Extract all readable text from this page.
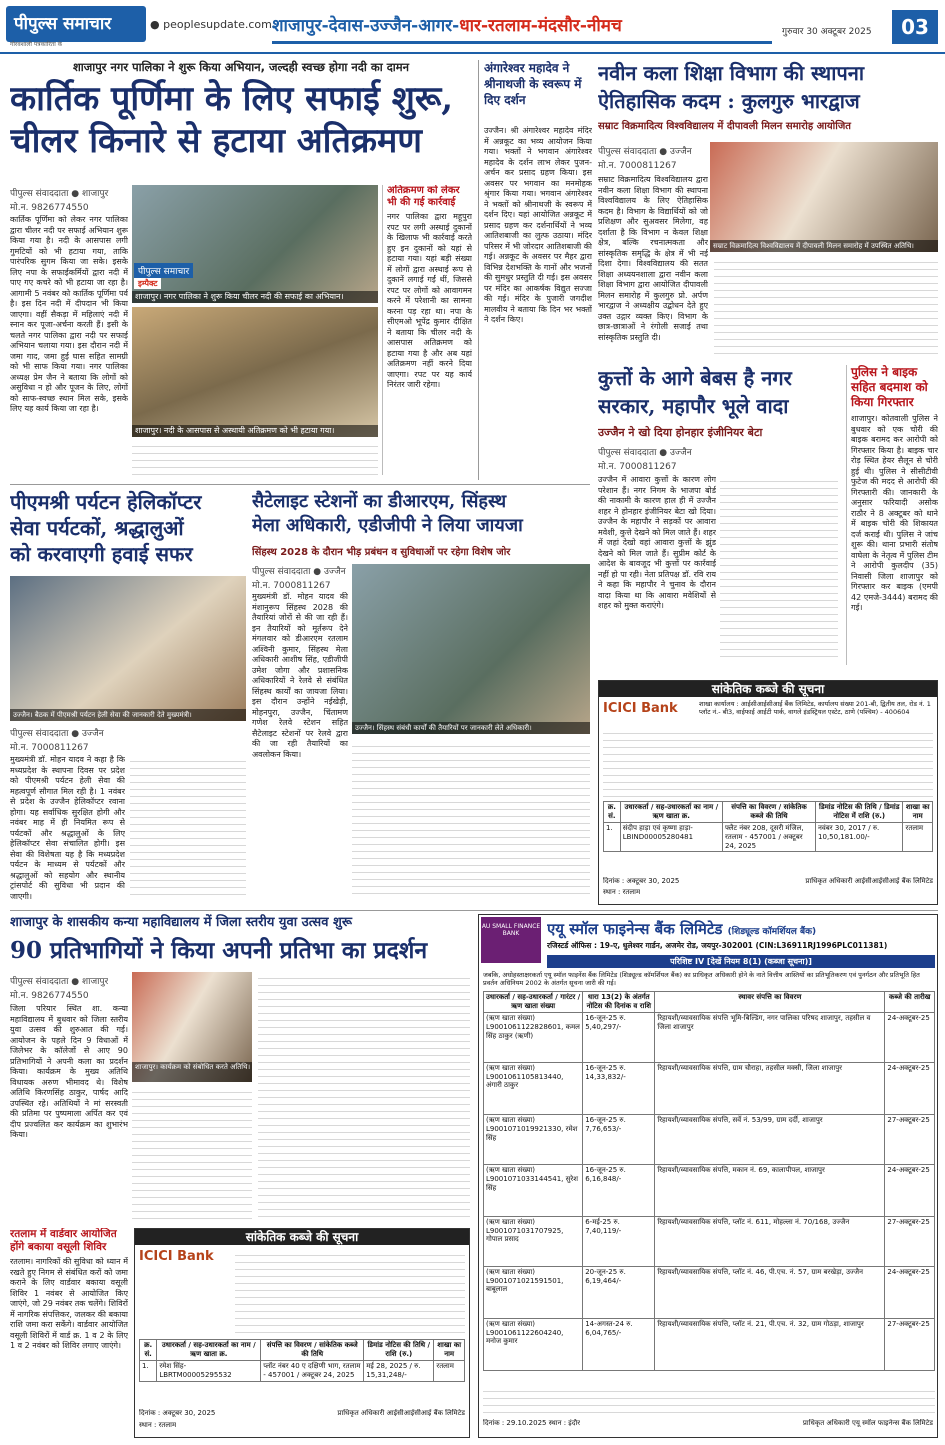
पीपुल्स समाचार
गौरवशाली पत्रकारिता के
● peoplesupdate.com शाजापुर-देवास-उज्जैन-आगर-धार-रतलाम-मंदसौर-नीमच	गुरुवार 30 अक्टूबर 2025	03
शाजापुर नगर पालिका ने शुरू किया अभियान, जल्दही स्वच्छ होगा नदी का दामन
कार्तिक पूर्णिमा के लिए सफाई शुरू,
चीलर किनारे से हटाया अतिक्रमण
पीपुल्स संवाददाता ● शाजापुर
मो.न. 9826774550
कार्तिक पूर्णिमा को लेकर नगर पालिका द्वारा चीलर नदी पर सफाई अभियान शुरू किया गया है। नदी के आसपास लगी गुमटियों को भी हटाया गया, ताकि पारंपरिक सुगम किया जा सके। इसके लिए नपा के सफाईकर्मियों द्वारा नदी में पाए गए कचरे को भी हटाया जा रहा है। आगामी 5 नवंबर को कार्तिक पूर्णिमा पर्व है। इस दिन नदी में दीपदान भी किया जाएगा। वहीं सैकड़ा में महिलाएं नदी में स्नान कर पूजा-अर्चना करती हैं। इसी के चलते नगर पालिका द्वारा नदी पर सफाई अभियान चलाया गया। इस दौरान नदी में जमा गाद, जमा हुई घास सहित सामग्री को भी साफ किया गया। नगर पालिका अध्यक्ष प्रेम जैन ने बताया कि लोगों को असुविधा न हो और पूजन के लिए, लोगों को साफ-स्वच्छ स्थान मिल सके, इसके लिए यह कार्य किया जा रहा है।
पीपुल्स समाचार
इम्पैक्ट
शाजापुर। नगर पालिका ने शुरू किया चीलर नदी की सफाई का अभियान।
शाजापुर। नदी के आसपास से अस्थायी अतिक्रमण को भी हटाया गया।
अतिक्रमण को लेकर भी की गई कार्रवाई
नगर पालिका द्वारा महूपुरा रपट पर लगी अस्थाई दुकानों के खिलाफ भी कार्रवाई करते हुए इन दुकानों को यहां से हटाया गया। यहां बड़ी संख्या में लोगों द्वारा अस्थाई रूप से दुकानें लगाई गईं थीं, जिससे रपट पर लोगों को आवागमन करने में परेशानी का सामना करना पड़ रहा था। नपा के सीएमओ भूपेंद्र कुमार दीक्षित ने बताया कि चीलर नदी के आसपास अतिक्रमण को हटाया गया है और अब यहां अतिक्रमण नहीं करने दिया जाएगा। रपट पर यह कार्य निरंतर जारी रहेगा।
अंगारेश्वर महादेव ने श्रीनाथजी के स्वरूप में दिए दर्शन
उज्जैन। श्री अंगारेश्वर महादेव मंदिर में अन्नकूट का भव्य आयोजन किया गया। भक्तों ने भगवान अंगारेश्वर महादेव के दर्शन लाभ लेकर पुजन-अर्चन कर प्रसाद ग्रहण किया। इस अवसर पर भगवान का मनमोहक श्रृंगार किया गया। भगवान अंगारेश्वर ने भक्तों को श्रीनाथजी के स्वरूप में दर्शन दिए। यहां आयोजित अन्नकूट में प्रसाद ग्रहण कर दर्शनार्थियों ने भव्य आतिशबाजी का लुत्फ उठाया। मंदिर परिसर में भी जोरदार आतिशबाजी की गई। अन्नकूट के अवसर पर मैहर द्वारा विभिन्न देशभक्ति के गानों और भजनों की सुमधुर प्रस्तुति दी गई। इस अवसर पर मंदिर का आकर्षक विद्युत सज्जा की गई। मंदिर के पुजारी जगदीश मालवीय ने बताया कि दिन भर भक्तों ने दर्शन किए।
नवीन कला शिक्षा विभाग की स्थापना
ऐतिहासिक कदम : कुलगुरु भारद्वाज
सम्राट विक्रमादित्य विश्वविद्यालय में दीपावली मिलन समारोह आयोजित
पीपुल्स संवाददाता ● उज्जैन
मो.न. 7000811267
सम्राट विक्रमादित्य विश्वविद्यालय में दीपावली मिलन समारोह में उपस्थित अतिथि।
सम्राट विक्रमादित्य विश्वविद्यालय द्वारा नवीन कला शिक्षा विभाग की स्थापना विश्वविद्यालय के लिए ऐतिहासिक कदम है। विभाग के विद्यार्थियों को जो प्रशिक्षण और सुअवसर मिलेगा, वह दर्शाता है कि विभाग न केवल शिक्षा क्षेत्र, बल्कि रचनात्मकता और सांस्कृतिक समृद्धि के क्षेत्र में भी नई दिशा देगा। विश्वविद्यालय की सतत शिक्षा अध्ययनशाला द्वारा नवीन कला शिक्षा विभाग द्वारा आयोजित दीपावली मिलन समारोह में कुलगुरु प्रो. अर्पण भारद्वाज ने अध्यक्षीय उद्बोधन देते हुए उक्त उद्गार व्यक्त किए। विभाग के छात्र-छात्राओं ने रंगोली सजाई तथा सांस्कृतिक प्रस्तुति दी।
कुत्तों के आगे बेबस है नगर
सरकार, महापौर भूले वादा
उज्जैन ने खो दिया होनहार इंजीनियर बेटा
पीपुल्स संवाददाता ● उज्जैन
मो.न. 7000811267
उज्जैन में आवारा कुत्तों के कारण लोग परेशान हैं। नगर निगम के भाजपा बोर्ड की नाकामी के कारण हाल ही में उज्जैन शहर ने होनहार इंजीनियर बेटा खो दिया। उज्जैन के महापौर ने सड़कों पर आवारा मवेशी, कुत्ते देखने को मिल जाते हैं। शहर में जहां देखो वहां आवारा कुत्तों के झुंड देखने को मिल जाते हैं। सुप्रीम कोर्ट के आदेश के बावजूद भी कुत्तों पर कार्रवाई नहीं हो पा रही। नेता प्रतिपक्ष डॉ. रवि राय ने कहा कि महापौर ने चुनाव के दौरान वादा किया था कि आवारा मवेशियों से शहर को मुक्त कराएंगे।
पुलिस ने बाइक
सहित बदमाश को
किया गिरफ्तार
शाजापुर। कोतवाली पुलिस ने बुधवार को एक चोरी की बाइक बरामद कर आरोपी को गिरफ्तार किया है। बाइक चार रोड़ स्थित हेयर सैलून से चोरी हुई थी। पुलिस ने सीसीटीवी फुटेज की मदद से आरोपी की गिरफ्तारी की। जानकारी के अनुसार फरियादी असोक राठौर ने 8 अक्टूबर को थाने में बाइक चोरी की शिकायत दर्ज कराई थी। पुलिस ने जांच शुरू की। थाना प्रभारी संतोष वाघेला के नेतृत्व में पुलिस टीम ने आरोपी कुलदीप (35) निवासी जिला शाजापुर को गिरफ्तार कर बाइक (एमपी 42 एमजे-3444) बरामद की गई।
पीएमश्री पर्यटन हेलिकॉप्टर
सेवा पर्यटकों, श्रद्धालुओं
को करवाएगी हवाई सफर
उज्जैन। बैठक में पीएमश्री पर्यटन हेली सेवा की जानकारी देते मुख्यमंत्री।
पीपुल्स संवाददाता ● उज्जैन
मो.न. 7000811267
मुख्यमंत्री डॉ. मोहन यादव ने कहा है कि मध्यप्रदेश के स्थापना दिवस पर प्रदेश को पीएमश्री पर्यटन हेली सेवा की महत्वपूर्ण सौगात मिल रही है। 1 नवंबर से प्रदेश के उज्जैन हेलिकॉप्टर रवाना होगा। यह सर्वाधिक सुरक्षित होगी और नवंबर माह में ही नियमित रूप से पर्यटकों और श्रद्धालुओं के लिए हेलिकॉप्टर सेवा संचालित होगी। इस सेवा की विशेषता यह है कि मध्यप्रदेश पर्यटन के माध्यम से पर्यटकों और श्रद्धालुओं को सहयोग और स्थानीय ट्रांसपोर्ट की सुविधा भी प्रदान की जाएगी।
सैटेलाइट स्टेशनों का डीआरएम, सिंहस्थ
मेला अधिकारी, एडीजीपी ने लिया जायजा
सिंहस्थ 2028 के दौरान भीड़ प्रबंधन व सुविधाओं पर रहेगा विशेष जोर
पीपुल्स संवाददाता ● उज्जैन
मो.न. 7000811267
मुख्यमंत्री डॉ. मोहन यादव की मंशानुरूप सिंहस्थ 2028 की तैयारियां जोरों से की जा रही हैं। इन तैयारियों को मूर्तरूप देने मंगलवार को डीआरएम रतलाम अश्विनी कुमार, सिंहस्थ मेला अधिकारी आशीष सिंह, एडीजीपी उमेश जोगा और प्रशासनिक अधिकारियों ने रेलवे से संबंधित सिंहस्थ कार्यों का जायजा लिया। इस दौरान उन्होंने नईखेड़ी, मोहनपुरा, उज्जैन, चिंतामण गणेश रेलवे स्टेशन सहित सैटेलाइट स्टेशनों पर रेलवे द्वारा की जा रही तैयारियों का अवलोकन किया।
उज्जैन। सिंहस्थ संबंधी कार्यों की तैयारियों पर जानकारी लेते अधिकारी।
सांकेतिक कब्जे की सूचना
ICICI Bank	शाखा कार्यालय : आईसीआईसीआई बैंक लिमिटेड, कार्यालय संख्या 201-बी, द्वितीय तल, रोड नं. 1 प्लॉट नं.- बी3, वाईफाई आईटी पार्क, वागले इंडस्ट्रियल एस्टेट, ठाणे (पश्चिम) - 400604
क्र. सं.	उधारकर्ता / सह-उधारकर्ता का नाम / ऋण खाता क्र.	संपत्ति का विवरण / सांकेतिक कब्जे की तिथि	डिमांड नोटिस की तिथि / डिमांड नोटिस में राशि (रु.)	शाखा का नाम
1.	संदीप हाड़ा एवं कृष्णा हाड़ा- LBIND00005280481	फ्लैट नंबर 208, दूसरी मंजिल, रतलाम - 457001 / अक्टूबर 24, 2025	नवंबर 30, 2017 / रु. 10,50,181.00/-	रतलाम
दिनांक : अक्टूबर 30, 2025
स्थान : रतलाम
प्राधिकृत अधिकारी आईसीआईसीआई बैंक लिमिटेड
शाजापुर के शासकीय कन्या महाविद्यालय में जिला स्तरीय युवा उत्सव शुरू
90 प्रतिभागियों ने किया अपनी प्रतिभा का प्रदर्शन
पीपुल्स संवाददाता ● शाजापुर
मो.न. 9826774550
जिला परियार स्थित शा. कन्या महाविद्यालय में बुधवार को जिला स्तरीय युवा उत्सव की शुरुआत की गई। आयोजन के पहले दिन 9 विधाओं में जिलेभर के कॉलेजों से आए 90 प्रतिभागियों ने अपनी कला का प्रदर्शन किया। कार्यक्रम के मुख्य अतिथि विधायक अरुण भीमावद थे। विशेष अतिथि किरणसिंह ठाकुर, पार्षद आदि उपस्थित रहे। अतिथियों ने मां सरस्वती की प्रतिमा पर पुष्पमाला अर्पित कर एवं दीप प्रज्वलित कर कार्यक्रम का शुभारंभ किया।
शाजापुर। कार्यक्रम को संबोधित करते अतिथि।
रतलाम में वार्डवार आयोजित
होंगे बकाया वसूली शिविर
रतलाम। नागरिकों की सुविधा को ध्यान में रखते हुए निगम से संबंधित करों को जमा कराने के लिए वार्डवार बकाया वसूली शिविर 1 नवंबर से आयोजित किए जाएंगे, जो 29 नवंबर तक चलेंगे। शिविरों में नागरिक संपत्तिकर, जलकर की बकाया राशि जमा करा सकेंगे। वार्डवार आयोजित वसूली शिविरों में वार्ड क्र. 1 व 2 के लिए 1 व 2 नवंबर को शिविर लगाए जाएंगे।
सांकेतिक कब्जे की सूचना
ICICI Bank
क्र. सं.	उधारकर्ता / सह-उधारकर्ता का नाम / ऋण खाता क्र.	संपत्ति का विवरण / सांकेतिक कब्जे की तिथि	डिमांड नोटिस की तिथि / राशि (रु.)	शाखा का नाम
1.	रमेश सिंह- LBRTM00005295532	प्लॉट नंबर 40 ए दक्षिणी भाग, रतलाम - 457001 / अक्टूबर 24, 2025	मई 28, 2025 / रु. 15,31,248/-	रतलाम
दिनांक : अक्टूबर 30, 2025
स्थान : रतलाम
प्राधिकृत अधिकारी आईसीआईसीआई बैंक लिमिटेड
AU SMALL FINANCE BANK	एयू स्मॉल फाइनेन्स बैंक लिमिटेड (शिड्यूल्ड कॉमर्शियल बैंक)
रजिस्टर्ड ऑफिस : 19-ए, धुलेश्वर गार्डन, अजमेर रोड, जयपुर-302001 (CIN:L36911RJ1996PLC011381)
परिशिष्ट IV [देखें नियम 8(1) (कब्जा सूचना)]
जबकि, अधोहस्ताक्षरकर्ता एयू स्मॉल फाइनेंस बैंक लिमिटेड (शिड्यूल्ड कॉमर्शियल बैंक) का प्राधिकृत अधिकारी होने के नाते वित्तीय आस्तियों का प्रतिभूतिकरण एवं पुनर्गठन और प्रतिभूति हित प्रवर्तन अधिनियम 2002 के अंतर्गत सूचना जारी की गई।
उधारकर्ता / सह-उधारकर्ता / गारंटर / ऋण खाता संख्या	धारा 13(2) के अंतर्गत नोटिस की दिनांक व राशि	स्थावर संपत्ति का विवरण	कब्जे की तारीख
(ऋण खाता संख्या) L9001061122828601, कमल सिंह ठाकुर (ऋणी)	16-जून-25 रु. 5,40,297/-	रिहायशी/व्यावसायिक संपत्ति भूमि-बिल्डिंग, नगर पालिका परिषद शाजापुर, तहसील व जिला शाजापुर	24-अक्टूबर-25
(ऋण खाता संख्या) L9001061105813440, अंगारी ठाकुर	16-जून-25 रु. 14,33,832/-	रिहायशी/व्यावसायिक संपत्ति, ग्राम चौराहा, तहसील मक्सी, जिला शाजापुर	24-अक्टूबर-25
(ऋण खाता संख्या) L9001071019921330, रमेश सिंह	16-जून-25 रु. 7,76,653/-	रिहायशी/व्यावसायिक संपत्ति, सर्वे नं. 53/99, ग्राम दर्दी, शाजापुर	27-अक्टूबर-25
(ऋण खाता संख्या) L9001071033144541, सुरेश सिंह	16-जून-25 रु. 6,16,848/-	रिहायशी/व्यावसायिक संपत्ति, मकान नं. 69, कालापीपल, शाजापुर	24-अक्टूबर-25
(ऋण खाता संख्या) L9001071031707925, गोपाल प्रसाद	6-मई-25 रु. 7,40,119/-	रिहायशी/व्यावसायिक संपत्ति, प्लॉट नं. 611, मोहल्ला नं. 70/168, उज्जैन	27-अक्टूबर-25
(ऋण खाता संख्या) L9001071021591501, बाबूलाल	20-जून-25 रु. 6,19,464/-	रिहायशी/व्यावसायिक संपत्ति, प्लॉट नं. 46, पी.एच. नं. 57, ग्राम बरखेड़ा, उज्जैन	24-अक्टूबर-25
(ऋण खाता संख्या) L9001061122604240, मनोज कुमार	14-अगस्त-24 रु. 6,04,765/-	रिहायशी/व्यावसायिक संपत्ति, प्लॉट नं. 21, पी.एच. नं. 32, ग्राम गोठड़ा, शाजापुर	27-अक्टूबर-25
दिनांक : 29.10.2025 स्थान : इंदौर	प्राधिकृत अधिकारी एयू स्मॉल फाइनेन्स बैंक लिमिटेड
